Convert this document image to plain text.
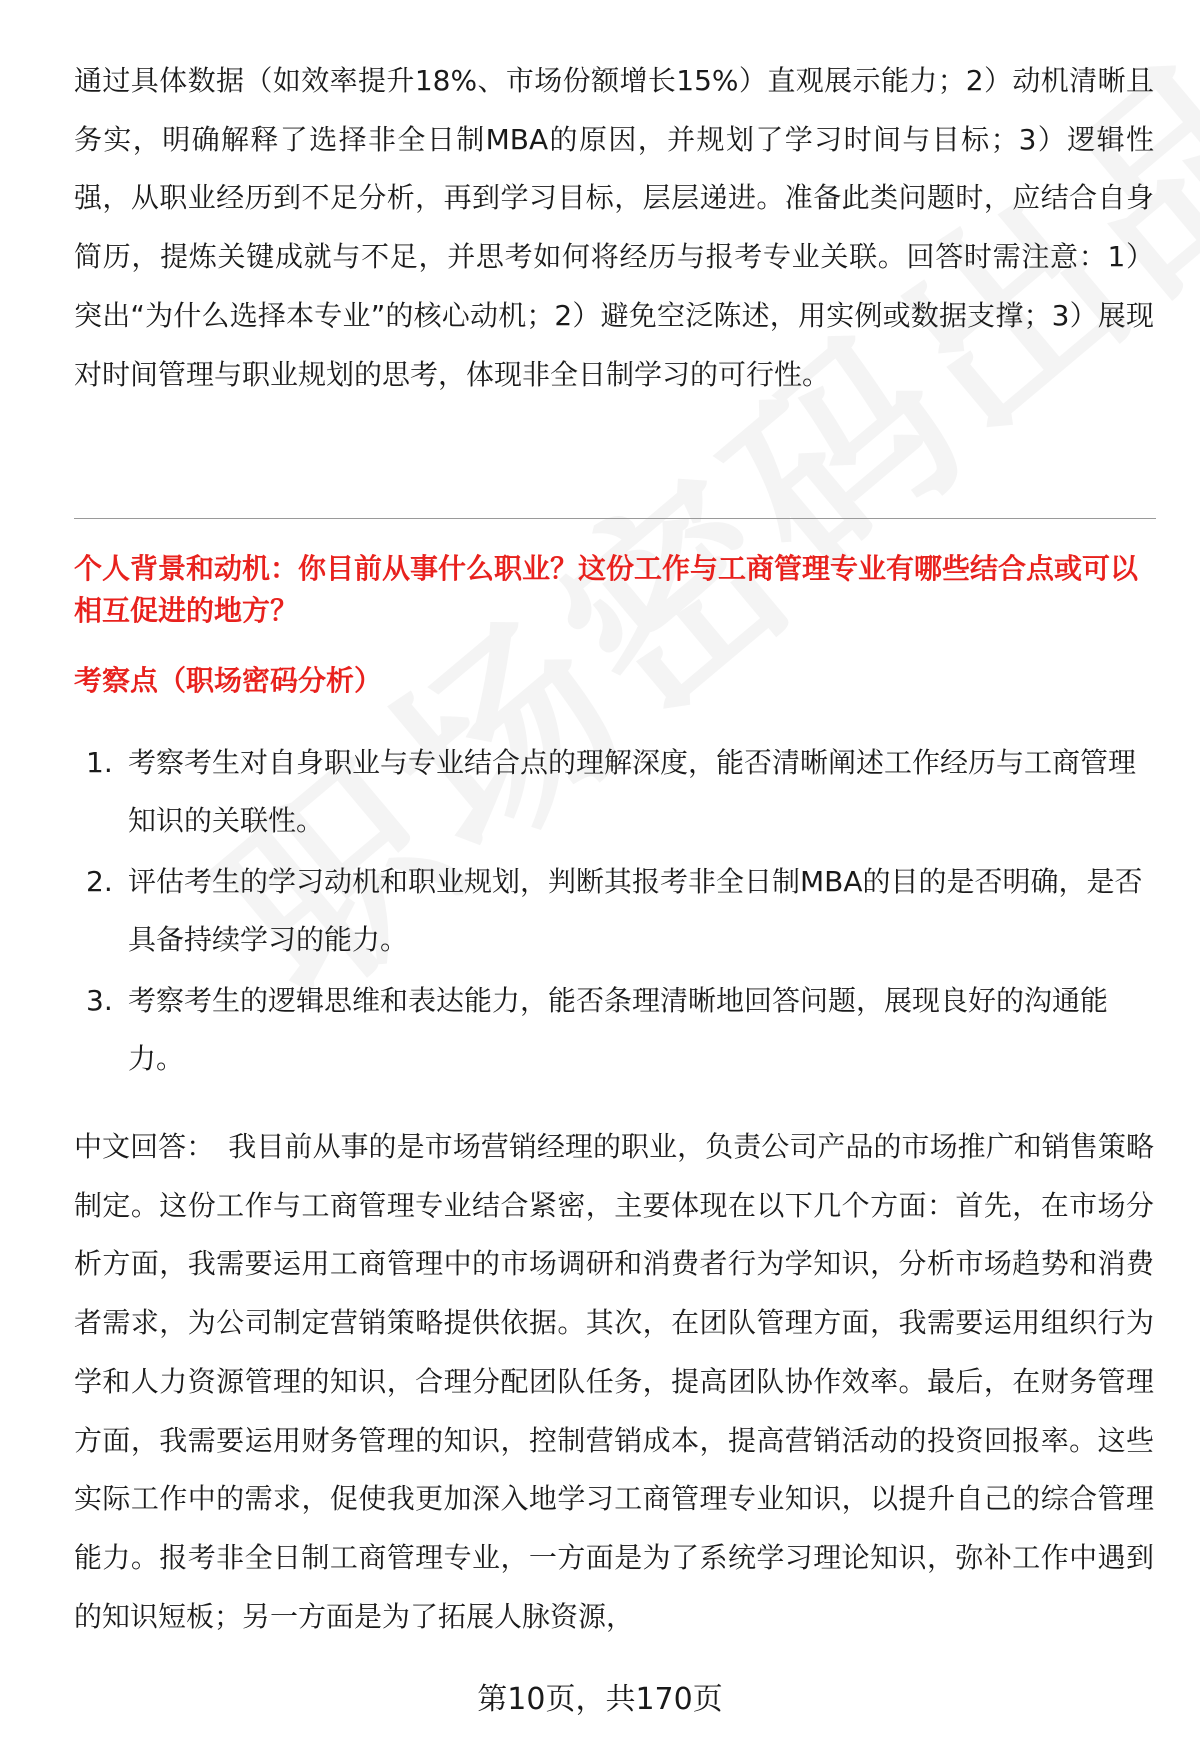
通过具体数据（如效率提升18%、市场份额增长15%）直观展示能力；2）动机清晰且务实，明确解释了选择非全日制MBA的原因，并规划了学习时间与目标；3）逻辑性强，从职业经历到不足分析，再到学习目标，层层递进。准备此类问题时，应结合自身简历，提炼关键成就与不足，并思考如何将经历与报考专业关联。回答时需注意：1）突出“为什么选择本专业”的核心动机；2）避免空泛陈述，用实例或数据支撑；3）展现对时间管理与职业规划的思考，体现非全日制学习的可行性。

个人背景和动机：你目前从事什么职业？这份工作与工商管理专业有哪些结合点或可以相互促进的地方？
考察点（职场密码分析）
1. 考察考生对自身职业与专业结合点的理解深度，能否清晰阐述工作经历与工商管理知识的关联性。
2. 评估考生的学习动机和职业规划，判断其报考非全日制MBA的目的是否明确，是否具备持续学习的能力。
3. 考察考生的逻辑思维和表达能力，能否条理清晰地回答问题，展现良好的沟通能力。

中文回答： 我目前从事的是市场营销经理的职业，负责公司产品的市场推广和销售策略制定。这份工作与工商管理专业结合紧密，主要体现在以下几个方面：首先，在市场分析方面，我需要运用工商管理中的市场调研和消费者行为学知识，分析市场趋势和消费者需求，为公司制定营销策略提供依据。其次，在团队管理方面，我需要运用组织行为学和人力资源管理的知识，合理分配团队任务，提高团队协作效率。最后，在财务管理方面，我需要运用财务管理的知识，控制营销成本，提高营销活动的投资回报率。这些实际工作中的需求，促使我更加深入地学习工商管理专业知识，以提升自己的综合管理能力。报考非全日制工商管理专业，一方面是为了系统学习理论知识，弥补工作中遇到的知识短板；另一方面是为了拓展人脉资源，

第10页，共170页
